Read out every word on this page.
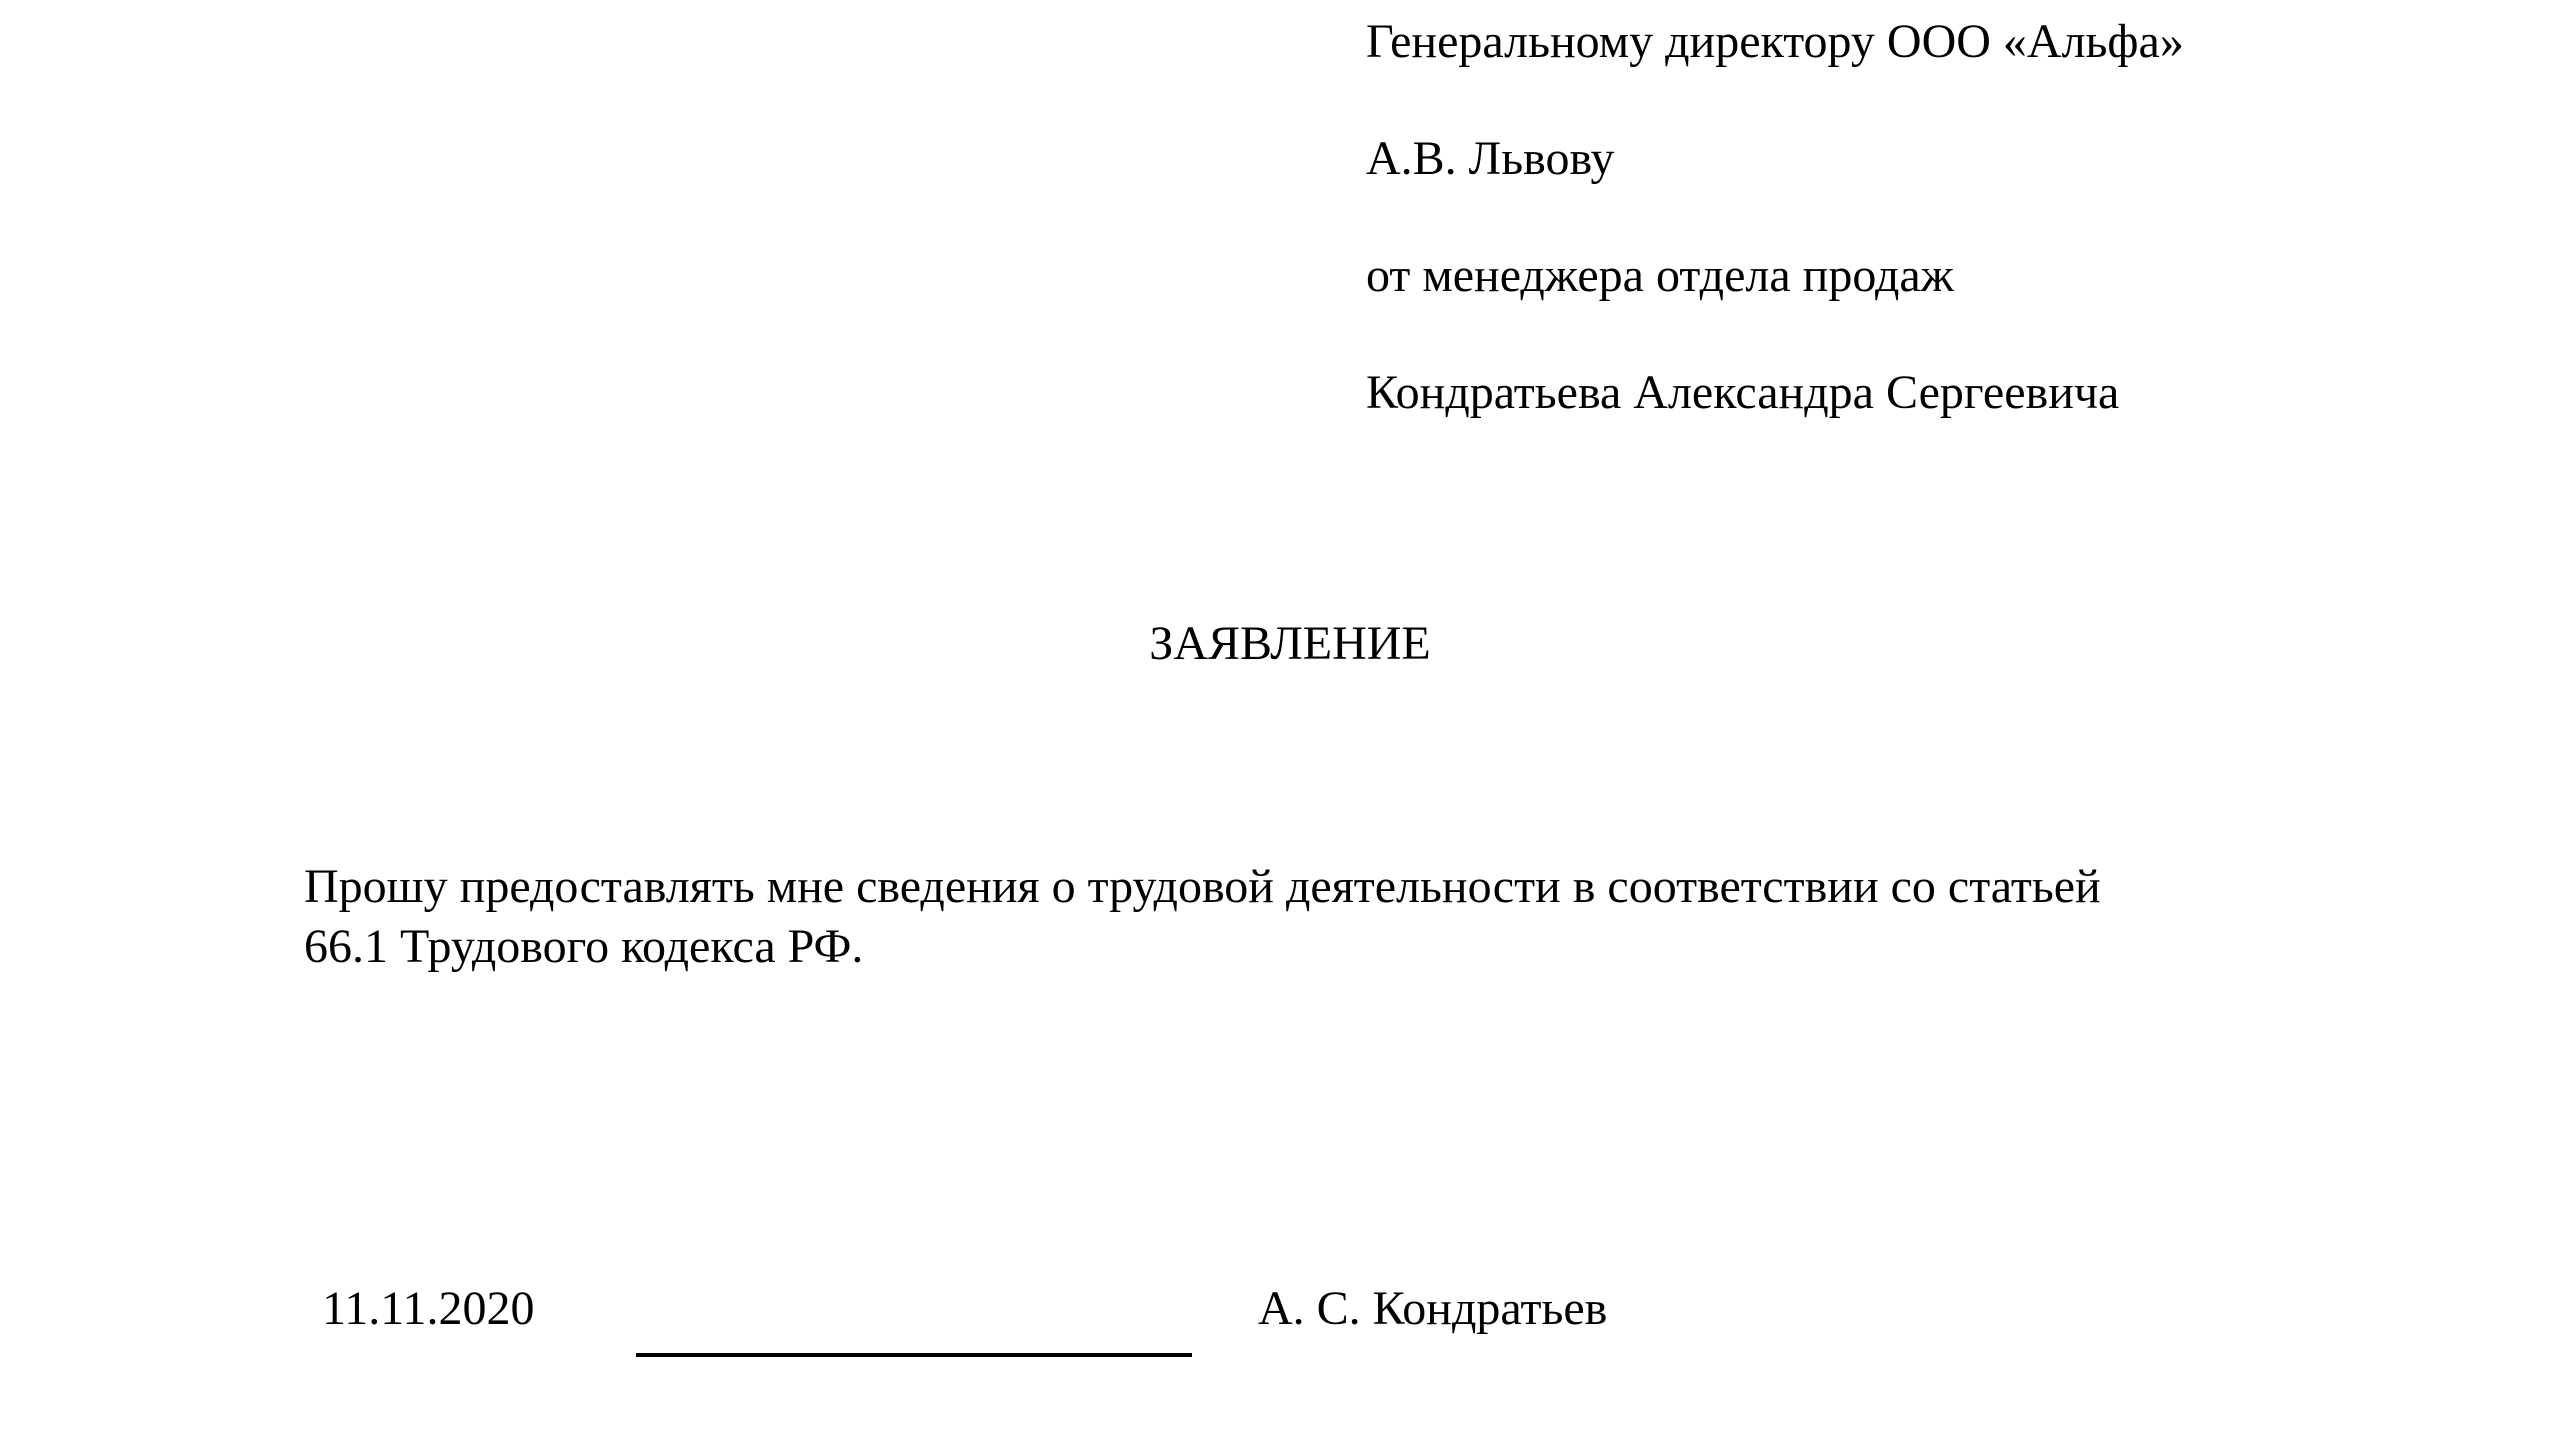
Генеральному директору ООО «Альфа»
А.В. Львову
от менеджера отдела продаж
Кондратьева Александра Сергеевича
ЗАЯВЛЕНИЕ
Прошу предоставлять мне сведения о трудовой деятельности в соответствии со статьей
66.1 Трудового кодекса РФ.
11.11.2020	А. С. Кондратьев
